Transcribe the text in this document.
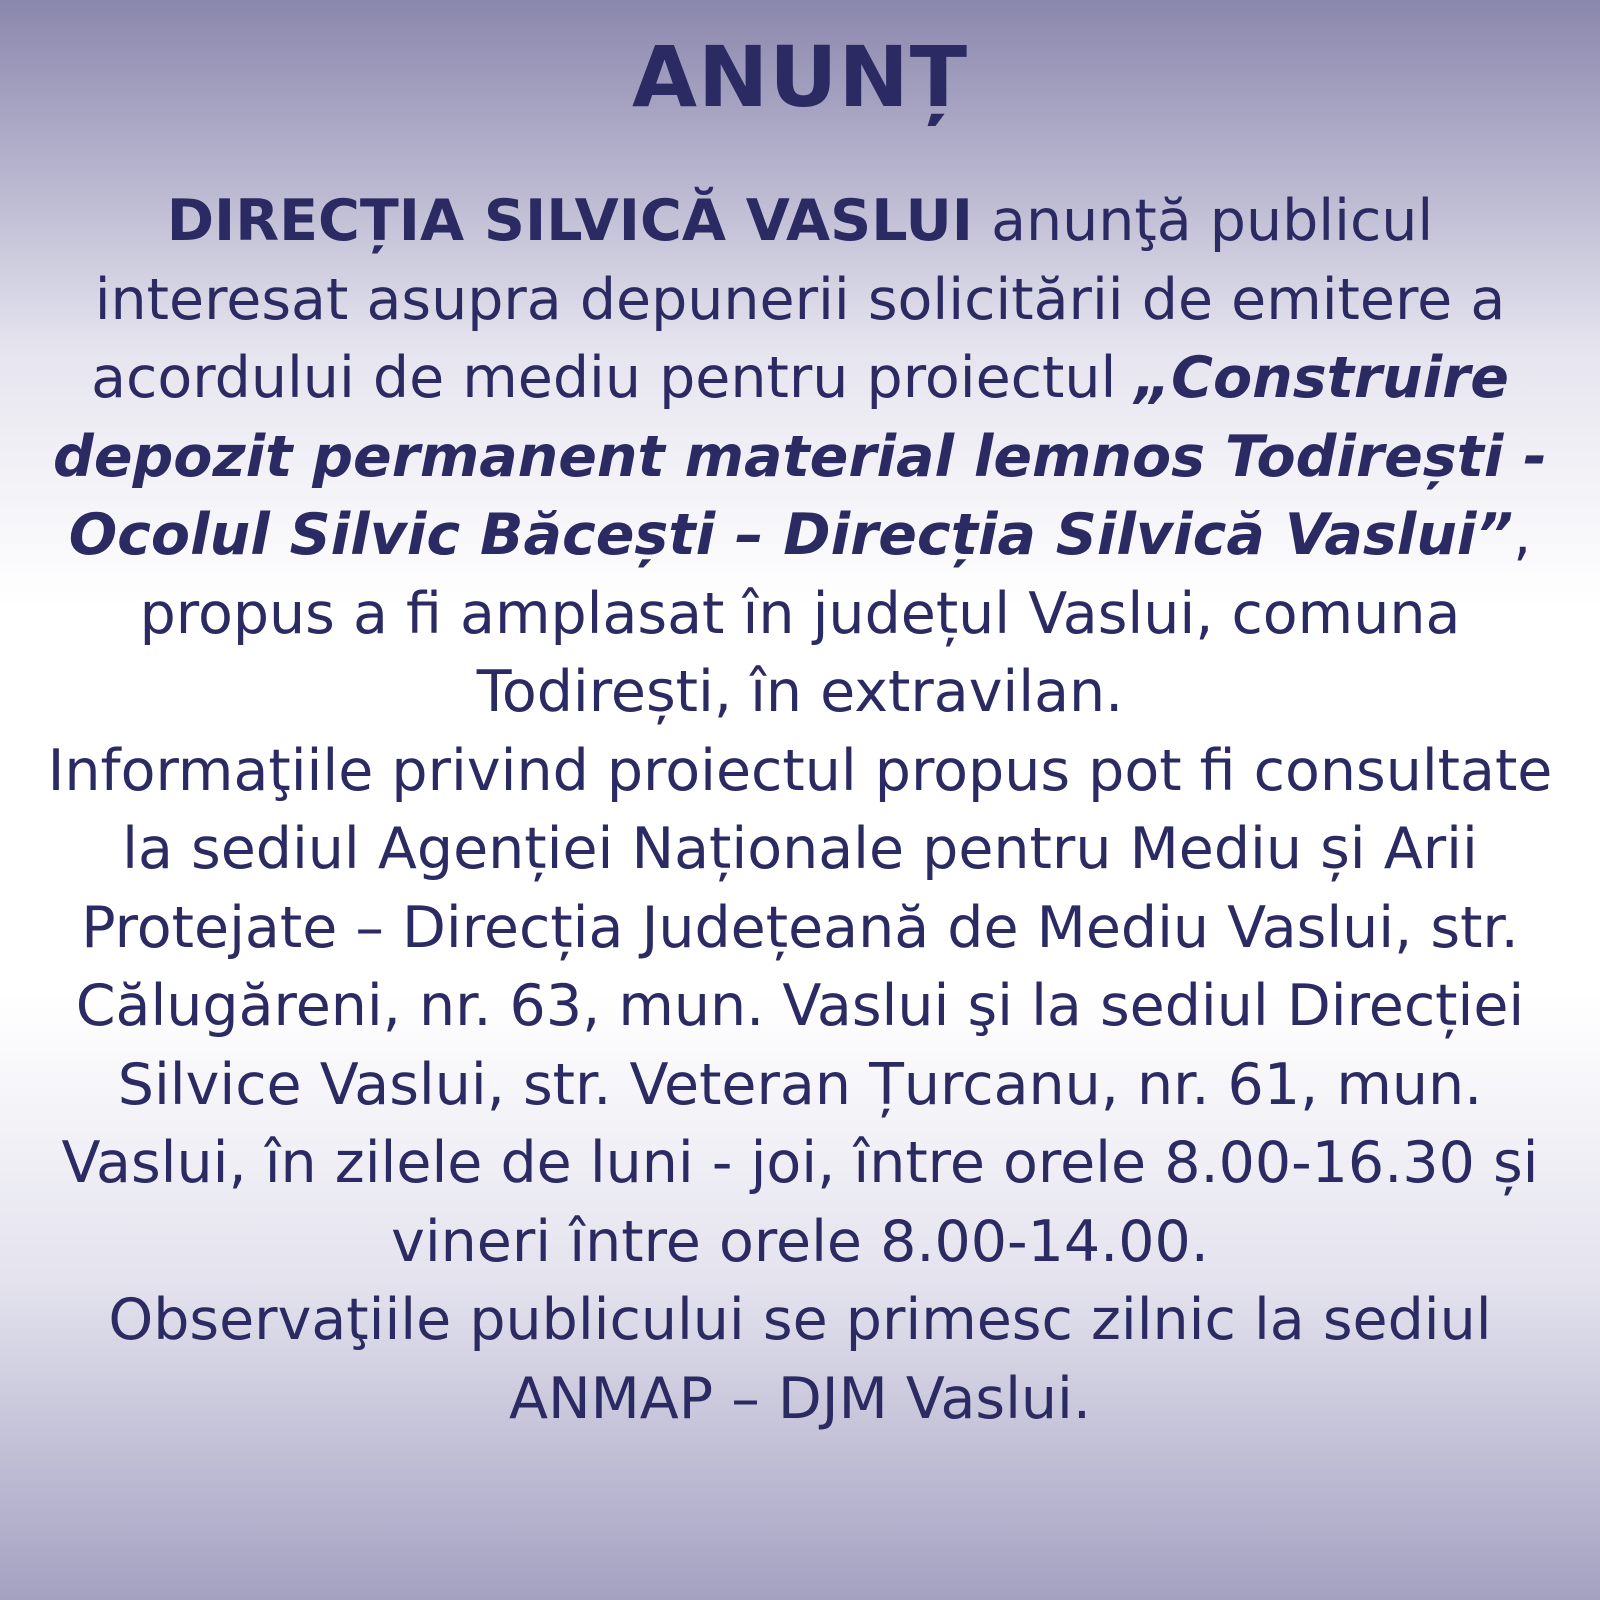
ANUNȚ

DIRECȚIA SILVICĂ VASLUI anunţă publicul interesat asupra depunerii solicitării de emitere a acordului de mediu pentru proiectul „Construire depozit permanent material lemnos Todirești - Ocolul Silvic Băcești – Direcția Silvică Vaslui”, propus a fi amplasat în județul Vaslui, comuna Todirești, în extravilan.

Informaţiile privind proiectul propus pot fi consultate la sediul Agenției Naționale pentru Mediu și Arii Protejate – Direcția Județeană de Mediu Vaslui, str. Călugăreni, nr. 63, mun. Vaslui şi la sediul Direcției Silvice Vaslui, str. Veteran Țurcanu, nr. 61, mun. Vaslui, în zilele de luni - joi, între orele 8.00-16.30 și vineri între orele 8.00-14.00.

Observaţiile publicului se primesc zilnic la sediul ANMAP – DJM Vaslui.
